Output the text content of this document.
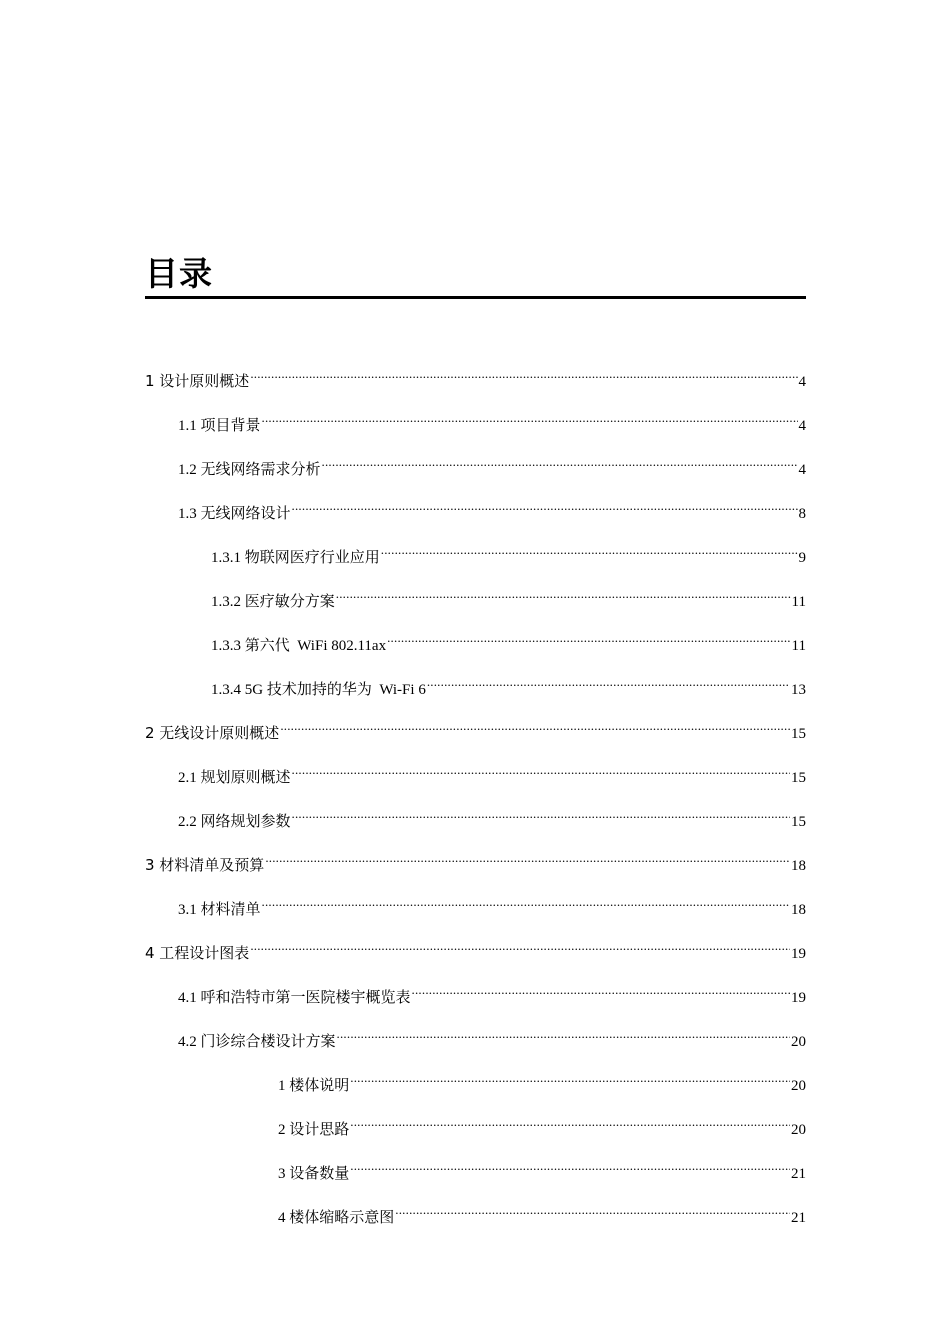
目录
1 设计原则概述 .....	4
1.1 项目背景 .....	4
1.2 无线网络需求分析 .....	4
1.3 无线网络设计 .....	8
1.3.1 物联网医疗行业应用 .....	9
1.3.2 医疗敏分方案 .....	11
1.3.3 第六代  WiFi 802.11ax .....	11
1.3.4 5G 技术加持的华为  Wi-Fi 6 .....	13
2 无线设计原则概述 .....	15
2.1 规划原则概述 .....	15
2.2 网络规划参数 .....	15
3 材料清单及预算 .....	18
3.1 材料清单 .....	18
4 工程设计图表 .....	19
4.1 呼和浩特市第一医院楼宇概览表 .....	19
4.2 门诊综合楼设计方案 .....	20
1 楼体说明 .....	20
2 设计思路 .....	20
3 设备数量 .....	21
4 楼体缩略示意图 .....	21
